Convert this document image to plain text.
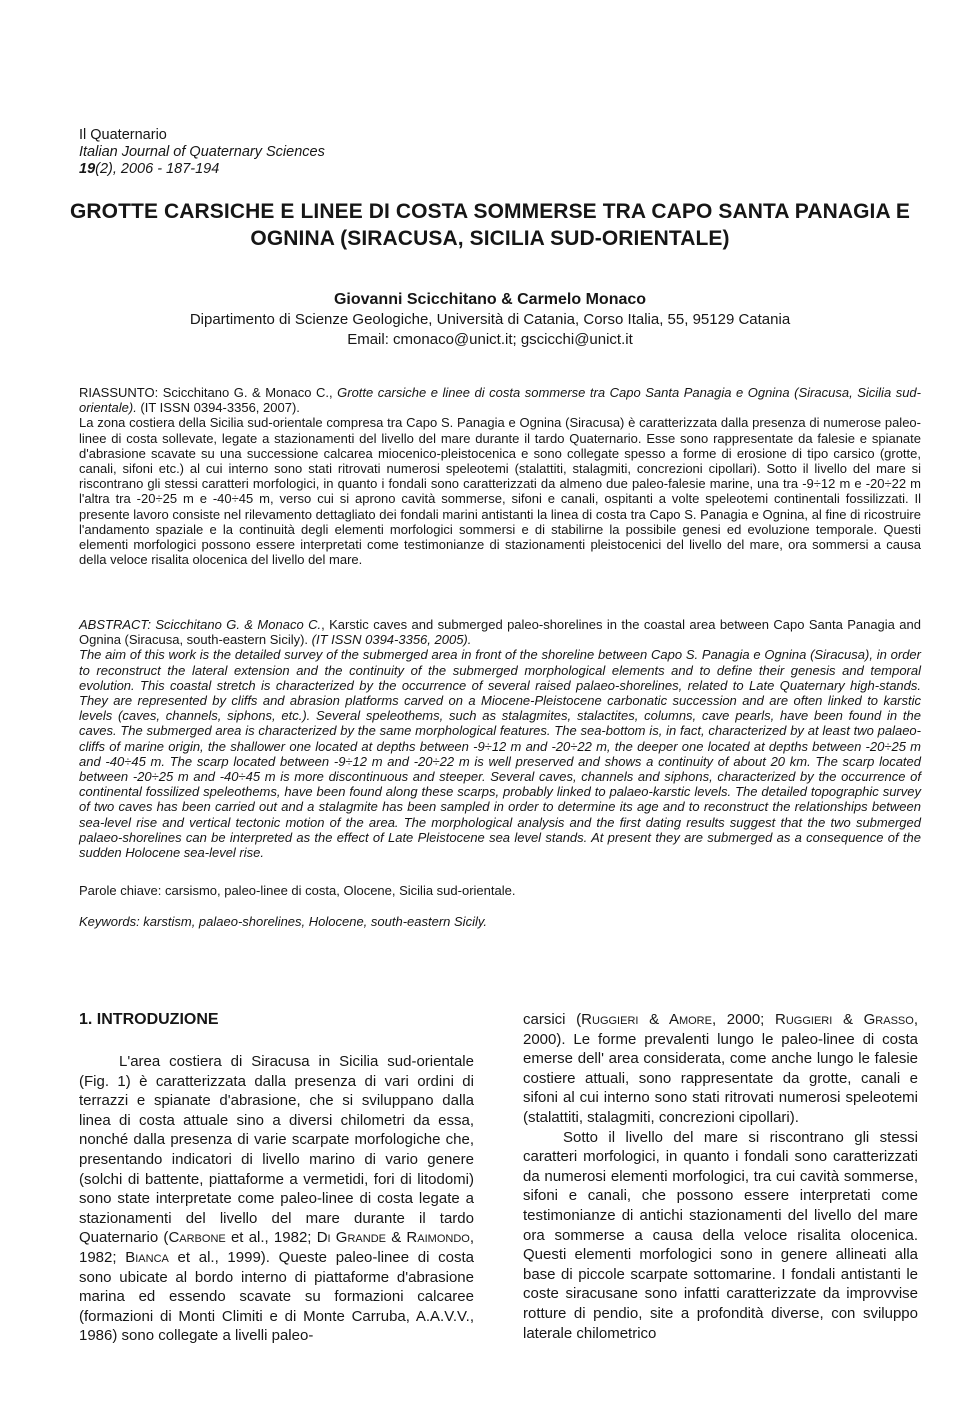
Il Quaternario
Italian Journal of Quaternary Sciences
19(2), 2006 - 187-194
GROTTE CARSICHE E LINEE DI COSTA SOMMERSE TRA CAPO SANTA PANAGIA E OGNINA (SIRACUSA, SICILIA SUD-ORIENTALE)
Giovanni Scicchitano & Carmelo Monaco
Dipartimento di Scienze Geologiche, Università di Catania, Corso Italia, 55, 95129 Catania
Email: cmonaco@unict.it; gscicchi@unict.it

RIASSUNTO: Scicchitano G. & Monaco C., Grotte carsiche e linee di costa sommerse tra Capo Santa Panagia e Ognina (Siracusa, Sicilia sud-orientale). (IT ISSN 0394-3356, 2007).

La zona costiera della Sicilia sud-orientale compresa tra Capo S. Panagia e Ognina (Siracusa) è caratterizzata dalla presenza di numerose paleo-linee di costa sollevate, legate a stazionamenti del livello del mare durante il tardo Quaternario. Esse sono rappresentate da falesie e spianate d'abrasione scavate su una successione calcarea miocenico-pleistocenica e sono collegate spesso a forme di erosione di tipo carsico (grotte, canali, sifoni etc.) al cui interno sono stati ritrovati numerosi speleotemi (stalattiti, stalagmiti, concrezioni cipollari). Sotto il livello del mare si riscontrano gli stessi caratteri morfologici, in quanto i fondali sono caratterizzati da almeno due paleo-falesie marine, una tra -9÷12 m e -20÷22 m l'altra tra -20÷25 m e -40÷45 m, verso cui si aprono cavità sommerse, sifoni e canali, ospitanti a volte speleotemi continentali fossilizzati. Il presente lavoro consiste nel rilevamento dettagliato dei fondali marini antistanti la linea di costa tra Capo S. Panagia e Ognina, al fine di ricostruire l'andamento spaziale e la continuità degli elementi morfologici sommersi e di stabilirne la possibile genesi ed evoluzione temporale. Questi elementi morfologici possono essere interpretati come testimonianze di stazionamenti pleistocenici del livello del mare, ora sommersi a causa della veloce risalita olocenica del livello del mare.

ABSTRACT: Scicchitano G. & Monaco C., Karstic caves and submerged paleo-shorelines in the coastal area between Capo Santa Panagia and Ognina (Siracusa, south-eastern Sicily). (IT ISSN 0394-3356, 2005).

The aim of this work is the detailed survey of the submerged area in front of the shoreline between Capo S. Panagia e Ognina (Siracusa), in order to reconstruct the lateral extension and the continuity of the submerged morphological elements and to define their genesis and temporal evolution. This coastal stretch is characterized by the occurrence of several raised palaeo-shorelines, related to Late Quaternary high-stands. They are represented by cliffs and abrasion platforms carved on a Miocene-Pleistocene carbonatic succession and are often linked to karstic levels (caves, channels, siphons, etc.). Several speleothems, such as stalagmites, stalactites, columns, cave pearls, have been found in the caves. The submerged area is characterized by the same morphological features. The sea-bottom is, in fact, characterized by at least two palaeo-cliffs of marine origin, the shallower one located at depths between -9÷12 m and -20÷22 m, the deeper one located at depths between -20÷25 m and -40÷45 m. The scarp located between -9÷12 m and -20÷22 m is well preserved and shows a continuity of about 20 km. The scarp located between -20÷25 m and -40÷45 m is more discontinuous and steeper. Several caves, channels and siphons, characterized by the occurrence of continental fossilized speleothems, have been found along these scarps, probably linked to palaeo-karstic levels. The detailed topographic survey of two caves has been carried out and a stalagmite has been sampled in order to determine its age and to reconstruct the relationships between sea-level rise and vertical tectonic motion of the area. The morphological analysis and the first dating results suggest that the two submerged palaeo-shorelines can be interpreted as the effect of Late Pleistocene sea level stands. At present they are submerged as a consequence of the sudden Holocene sea-level rise.

Parole chiave: carsismo, paleo-linee di costa, Olocene, Sicilia sud-orientale.
Keywords: karstism, palaeo-shorelines, Holocene, south-eastern Sicily.

1. INTRODUZIONE

L'area costiera di Siracusa in Sicilia sud-orientale (Fig. 1) è caratterizzata dalla presenza di vari ordini di terrazzi e spianate d'abrasione, che si sviluppano dalla linea di costa attuale sino a diversi chilometri da essa, nonché dalla presenza di varie scarpate morfologiche che, presentando indicatori di livello marino di vario genere (solchi di battente, piattaforme a vermetidi, fori di litodomi) sono state interpretate come paleo-linee di costa legate a stazionamenti del livello del mare durante il tardo Quaternario (Carbone et al., 1982; Di Grande & Raimondo, 1982; Bianca et al., 1999). Queste paleo-linee di costa sono ubicate al bordo interno di piattaforme d'abrasione marina ed essendo scavate su formazioni calcaree (formazioni di Monti Climiti e di Monte Carruba, A.A.V.V., 1986) sono collegate a livelli paleo-

carsici (Ruggieri & Amore, 2000; Ruggieri & Grasso, 2000). Le forme prevalenti lungo le paleo-linee di costa emerse dell' area considerata, come anche lungo le falesie costiere attuali, sono rappresentate da grotte, canali e sifoni al cui interno sono stati ritrovati numerosi speleotemi (stalattiti, stalagmiti, concrezioni cipollari).

Sotto il livello del mare si riscontrano gli stessi caratteri morfologici, in quanto i fondali sono caratterizzati da numerosi elementi morfologici, tra cui cavità sommerse, sifoni e canali, che possono essere interpretati come testimonianze di antichi stazionamenti del livello del mare ora sommerse a causa della veloce risalita olocenica. Questi elementi morfologici sono in genere allineati alla base di piccole scarpate sottomarine. I fondali antistanti le coste siracusane sono infatti caratterizzate da improvvise rotture di pendio, site a profondità diverse, con sviluppo laterale chilometrico
